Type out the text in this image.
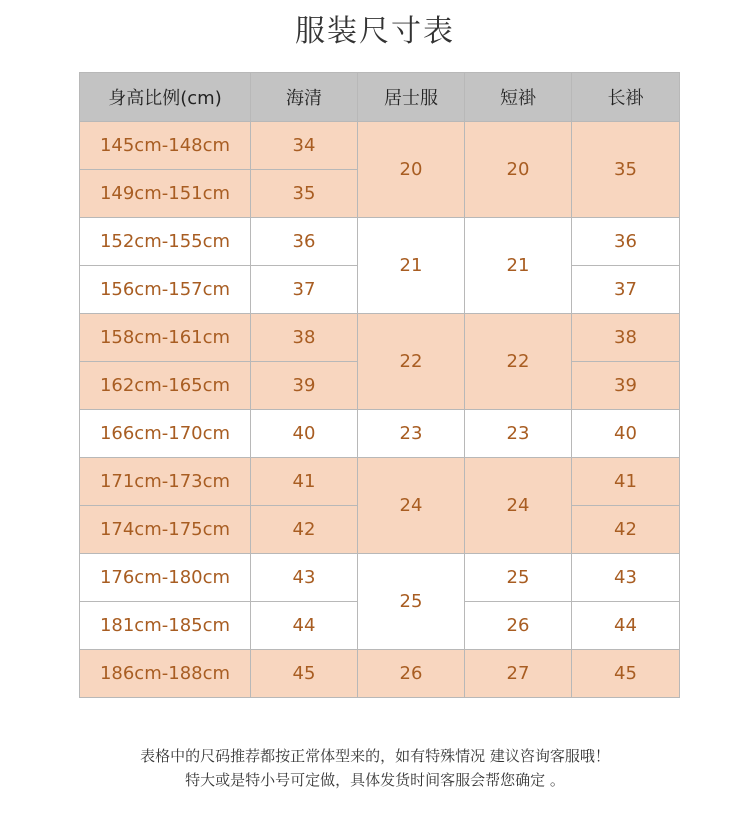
服装尺寸表
身高比例(cm)	海清	居士服	短褂	长褂
145cm-148cm	34	20	20	35
149cm-151cm	35			
152cm-155cm	36	21	21	36
156cm-157cm	37			37
158cm-161cm	38	22	22	38
162cm-165cm	39			39
166cm-170cm	40	23	23	40
171cm-173cm	41	24	24	41
174cm-175cm	42			42
176cm-180cm	43	25	25	43
181cm-185cm	44		26	44
186cm-188cm	45	26	27	45
表格中的尺码推荐都按正常体型来的，如有特殊情况 建议咨询客服哦！
特大或是特小号可定做，具体发货时间客服会帮您确定 。
